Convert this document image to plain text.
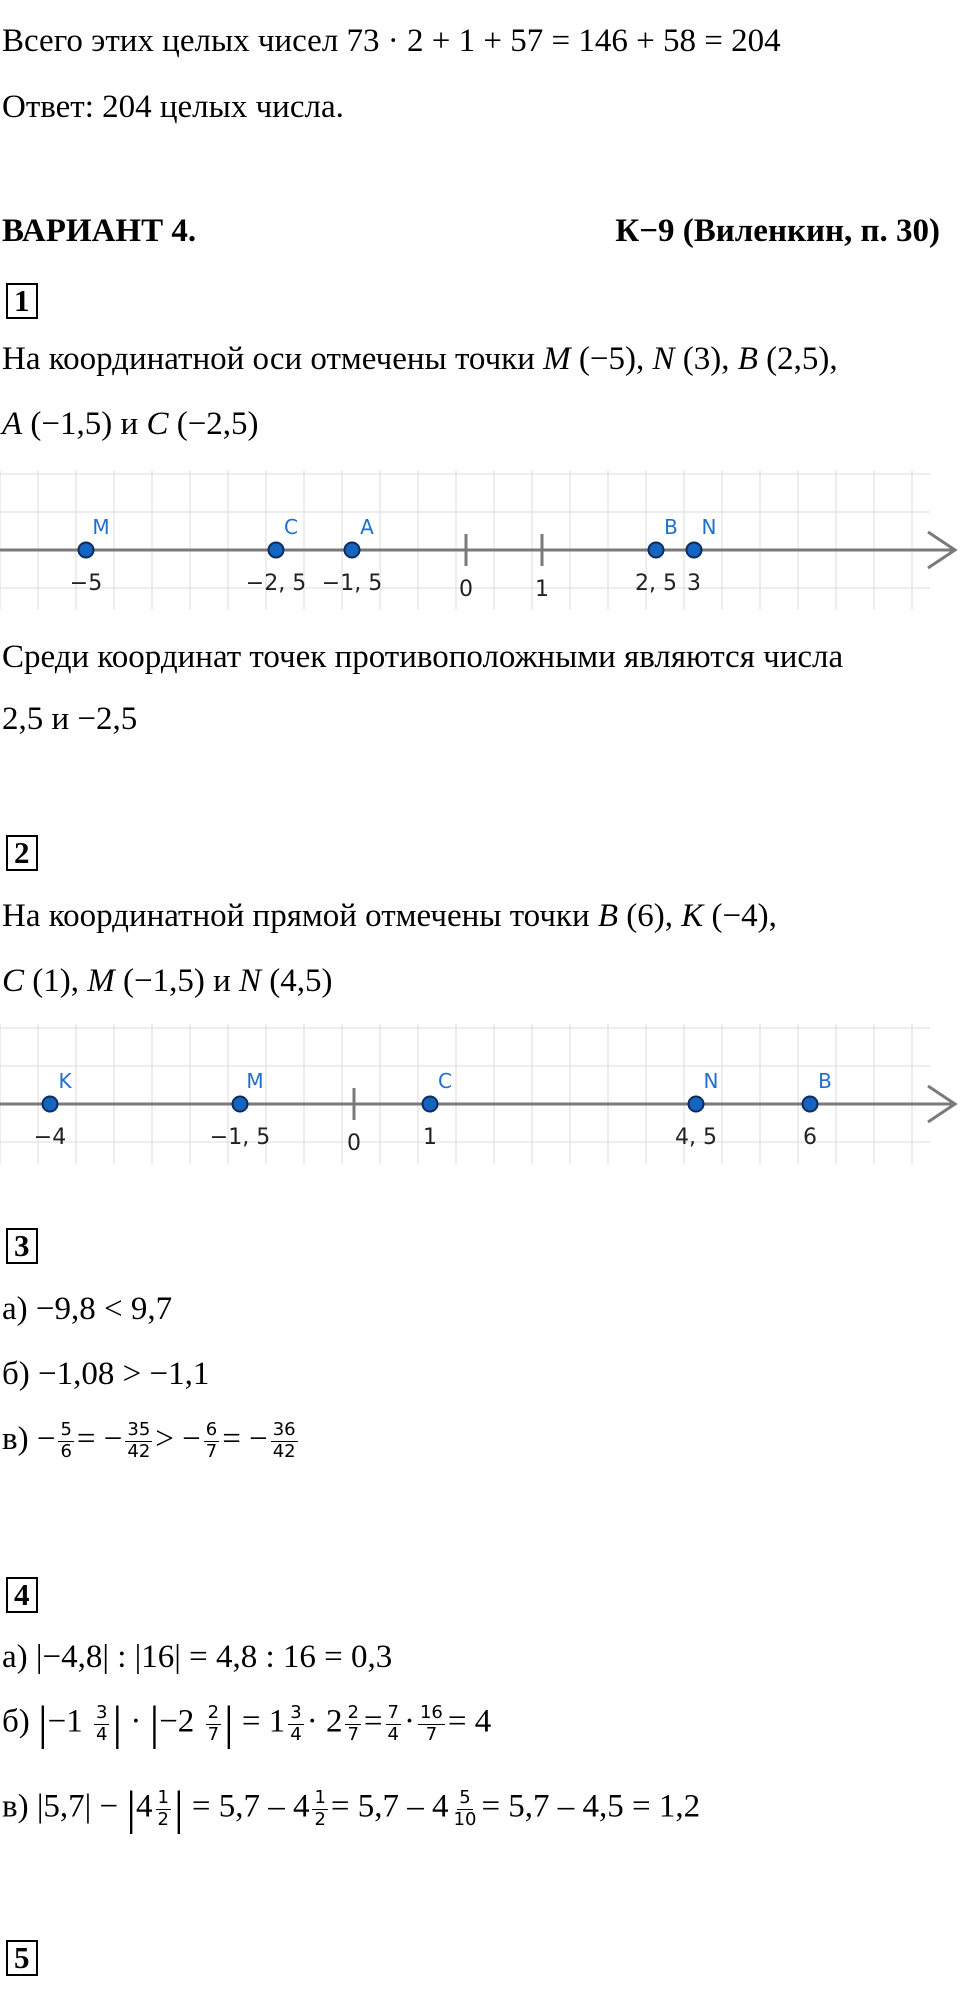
Всего этих целых чисел 73 · 2 + 1 + 57 = 146 + 58 = 204
Ответ: 204 целых числа.
ВАРИАНТ 4.	К−9 (Виленкин, п. 30)
1
На координатной оси отмечены точки M (−5), N (3), B (2,5),
A (−1,5) и C (−2,5)
0	1
M
−5
C
−2, 5
A
−1, 5
B
2, 5
N
3
Среди координат точек противоположными являются числа
2,5 и −2,5
2
На координатной прямой отмечены точки B (6), K (−4),
C (1), M (−1,5) и N (4,5)
0
K
−4
M
−1, 5
C
1
N
4, 5
B
6
3
а) −9,8 < 9,7
б) −1,08 > −1,1
$в) - \frac{5}{6}$ = − $\frac{35}{42}$ > − $\frac{6}{7}$ = − $\frac{36}{42}$
4
а) |−4,8| : |16| = 4,8 : 16 = 0,3
б) $|-1 \frac{3}{4}$ | · $|-2 \frac{2}{7}$ | = $1 \frac{3}{4} \cdot 2 \frac{2}{7} = \frac{7}{4} \cdot \frac{16}{7} = 4$
в) $|5,7| - |4 \frac{1}{2}$ | = $5,7 - 4 \frac{1}{2} = 5,7 - 4 \frac{5}{10} = 5,7 - 4,5 = 1,2$
5
